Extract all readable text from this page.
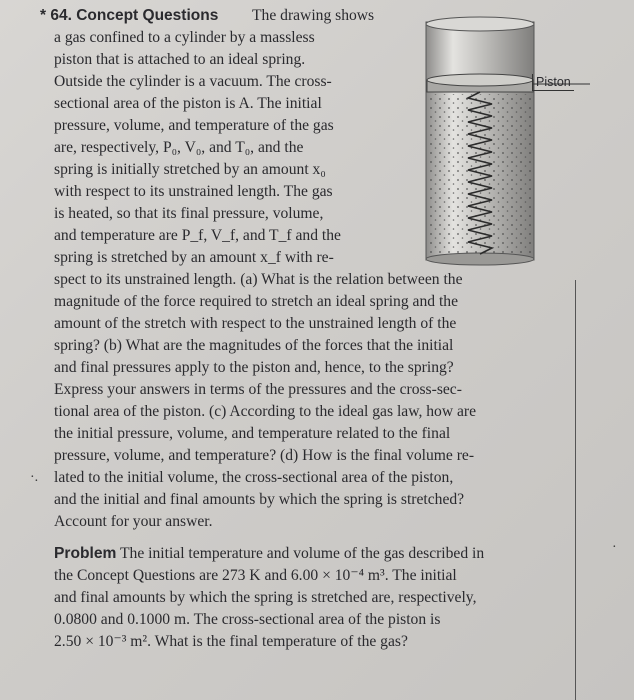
* 64. Concept Questions The drawing shows
a gas confined to a cylinder by a massless
piston that is attached to an ideal spring.
Outside the cylinder is a vacuum. The cross-
sectional area of the piston is A. The initial
pressure, volume, and temperature of the gas
are, respectively, P₀, V₀, and T₀, and the
spring is initially stretched by an amount x₀
with respect to its unstrained length. The gas
is heated, so that its final pressure, volume,
and temperature are P_f, V_f, and T_f and the
spring is stretched by an amount x_f with re-
spect to its unstrained length. (a) What is the relation between the
magnitude of the force required to stretch an ideal spring and the
amount of the stretch with respect to the unstrained length of the
spring? (b) What are the magnitudes of the forces that the initial
and final pressures apply to the piston and, hence, to the spring?
Express your answers in terms of the pressures and the cross-sec-
tional area of the piston. (c) According to the ideal gas law, how are
the initial pressure, volume, and temperature related to the final
pressure, volume, and temperature? (d) How is the final volume re-
lated to the initial volume, the cross-sectional area of the piston,
and the initial and final amounts by which the spring is stretched?
Account for your answer.
Problem The initial temperature and volume of the gas described in
the Concept Questions are 273 K and 6.00 × 10⁻⁴ m³. The initial
and final amounts by which the spring is stretched are, respectively,
0.0800 and 0.1000 m. The cross-sectional area of the piston is
2.50 × 10⁻³ m². What is the final temperature of the gas?
Piston
·.
·
